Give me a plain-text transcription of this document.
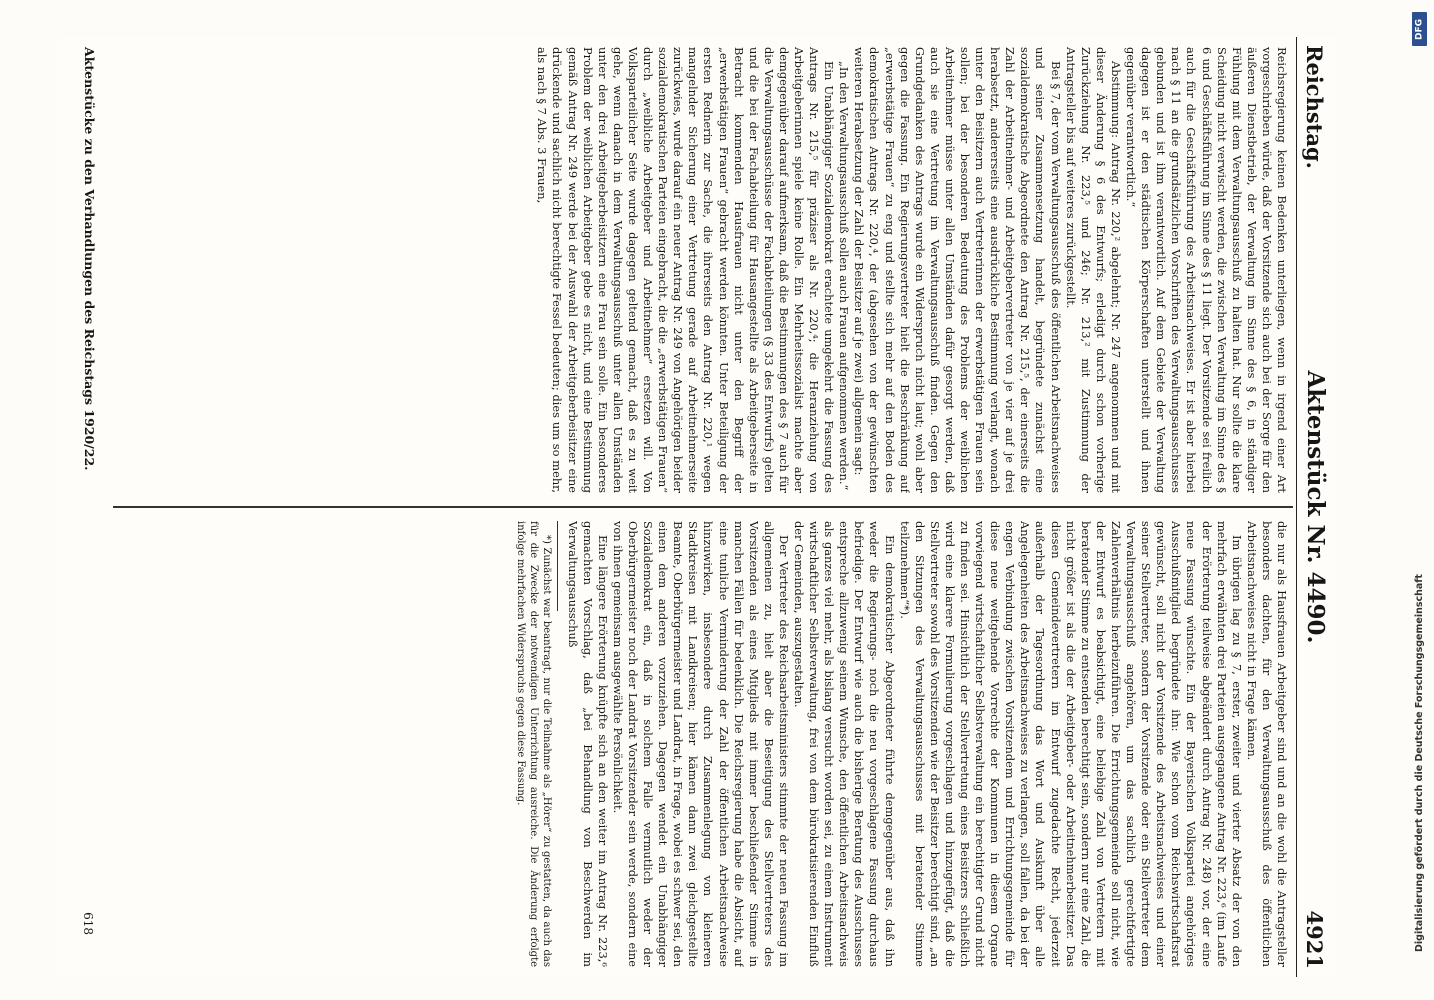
Reichstag.
Aktenstück Nr. 4490.
4921

Reichsregierung keinen Bedenken unterliegen, wenn in irgend einer Art vorgeschrieben würde, daß der Vorsitzende sich auch bei der Sorge für den äußeren Dienstbetrieb, der Verwaltung im Sinne des § 6, in ständiger Fühlung mit dem Verwaltungsausschuß zu halten hat. Nur sollte die klare Scheidung nicht verwischt werden, die zwischen Verwaltung im Sinne des § 6 und Geschäftsführung im Sinne des § 11 liegt. Der Vorsitzende sei freilich auch für die Geschäftsführung des Arbeitsnachweises. Er ist aber hierbei nach § 11 an die grundsätzlichen Vorschriften des Verwaltungsausschusses gebunden und ist ihm verantwortlich. Auf dem Gebiete der Verwaltung dagegen ist er den städtischen Körperschaften unterstellt und ihnen gegenüber verantwortlich.“

Abstimmung: Antrag Nr. 220,² abgelehnt; Nr. 247 angenommen und mit dieser Änderung § 6 des Entwurfs; erledigt durch schon vorherige Zurückziehung Nr. 223,⁵ und 246; Nr. 213,² mit Zustimmung der Antragsteller bis auf weiteres zurückgestellt.

Bei § 7, der vom Verwaltungsausschuß des öffentlichen Arbeitsnachweises und seiner Zusammensetzung handelt, begründete zunächst eine sozialdemokratische Abgeordnete den Antrag Nr. 215,⁵, der einerseits die Zahl der Arbeitnehmer- und Arbeitgebervertreter von je vier auf je drei herabsetzt, andererseits eine ausdrückliche Bestimmung verlangt, wonach unter den Beisitzern auch Vertreterinnen der erwerbstätigen Frauen sein sollen; bei der besonderen Bedeutung des Problems der weiblichen Arbeitnehmer müsse unter allen Umständen dafür gesorgt werden, daß auch sie eine Vertretung im Verwaltungsausschuß finden. Gegen den Grundgedanken des Antrags wurde ein Widerspruch nicht laut; wohl aber gegen die Fassung. Ein Regierungsvertreter hielt die Beschränkung auf „erwerbstätige Frauen“ zu eng und stellte sich mehr auf den Boden des demokratischen Antrags Nr. 220,⁴, der (abgesehen von der gewünschten weiteren Herabsetzung der Zahl der Beisitzer auf je zwei) allgemein sagt:

„In den Verwaltungsausschuß sollen auch Frauen aufgenommen werden.“

Ein Unabhängiger Sozialdemokrat erachtete umgekehrt die Fassung des Antrags Nr. 215,⁵ für präziser als Nr. 220,⁴; die Heranziehung von Arbeitgeberinnen spiele keine Rolle. Ein Mehrheitssozialist machte aber demgegenüber darauf aufmerksam, daß die Bestimmungen des § 7 auch für die Verwaltungsausschüsse der Fachabteilungen (§ 33 des Entwurfs) gelten und die bei der Fachabteilung für Hausangestellte als Arbeitgeberseite in Betracht kommenden Hausfrauen nicht unter den Begriff der „erwerbstätigen Frauen“ gebracht werden könnten. Unter Beteiligung der ersten Rednerin zur Sache, die ihrerseits den Antrag Nr. 220,¹ wegen mangelnder Sicherung einer Vertretung gerade auf Arbeitnehmerseite zurückwies, wurde darauf ein neuer Antrag Nr. 249 von Angehörigen beider sozialdemokratischen Parteien eingebracht, die die „erwerbstätigen Frauen“ durch „weibliche Arbeitgeber und Arbeitnehmer“ ersetzen will. Von Volksparteilicher Seite wurde dagegen geltend gemacht, daß es zu weit gehe, wenn danach in dem Verwaltungsausschuß unter allen Umständen unter den drei Arbeitgeberbeisitzern eine Frau sein solle. Ein besonderes Problem der weiblichen Arbeitgeber gebe es nicht, und eine Bestimmung gemäß Antrag Nr. 249 werde bei der Auswahl der Arbeitgeberbeisitzer eine drückende und sachlich nicht berechtigte Fessel bedeuten; dies um so mehr, als nach § 7 Abs. 3 Frauen,

die nur als Hausfrauen Arbeitgeber sind und an die wohl die Antragsteller besonders dachten, für den Verwaltungsausschuß des öffentlichen Arbeitsnachweises nicht in Frage kämen.

Im übrigen lag zu § 7, erster, zweiter und vierter Absatz der von den mehrfach erwähnten drei Parteien ausgegangene Antrag Nr. 223,⁶ (im Laufe der Erörterung teilweise abgeändert durch Antrag Nr. 248) vor, der eine neue Fassung wünschte. Ein der Bayerischen Volkspartei angehöriges Ausschußmitglied begründete ihn: Wie schon vom Reichswirtschaftsrat gewünscht, soll nicht der Vorsitzende des Arbeitsnachweises und einer seiner Stellvertreter, sondern der Vorsitzende oder ein Stellvertreter dem Verwaltungsausschuß angehören, um das sachlich gerechtfertigte Zahlenverhältnis herbeizuführen. Die Errichtungsgemeinde soll nicht, wie der Entwurf es beabsichtigt, eine beliebige Zahl von Vertretern mit beratender Stimme zu entsenden berechtigt sein, sondern nur eine Zahl, die nicht größer ist als die der Arbeitgeber- oder Arbeitnehmerbeisitzer. Das diesen Gemeindevertretern im Entwurf zugedachte Recht, jederzeit außerhalb der Tagesordnung das Wort und Auskunft über alle Angelegenheiten des Arbeitsnachweises zu verlangen, soll fallen, da bei der engen Verbindung zwischen Vorsitzendem und Errichtungsgemeinde für diese neue weitgehende Vorrechte der Kommunen in diesem Organe vorwiegend wirtschaftlicher Selbstverwaltung ein berechtigter Grund nicht zu finden sei. Hinsichtlich der Stellvertretung eines Beisitzers schließlich wird eine klarere Formulierung vorgeschlagen und hinzugefügt, daß die Stellvertreter sowohl des Vorsitzenden wie der Beisitzer berechtigt sind, „an den Sitzungen des Verwaltungsausschusses mit beratender Stimme teilzunehmen“*).

Ein demokratischer Abgeordneter führte demgegenüber aus, daß ihn weder die Regierungs- noch die neu vorgeschlagene Fassung durchaus befriedige. Der Entwurf wie auch die bisherige Beratung des Ausschusses entspreche allzuwenig seinem Wunsche, den öffentlichen Arbeitsnachweis als ganzes viel mehr, als bislang versucht worden sei, zu einem Instrument wirtschaftlicher Selbstverwaltung, frei von dem bürokratisierenden Einfluß der Gemeinden, auszugestalten.

Der Vertreter des Reichsarbeitsministers stimmte der neuen Fassung im allgemeinen zu, hielt aber die Beseitigung des Stellvertreters des Vorsitzenden als eines Mitglieds mit immer beschließender Stimme in manchen Fällen für bedenklich. Die Reichsregierung habe die Absicht, auf eine tunliche Verminderung der Zahl der öffentlichen Arbeitsnachweise hinzuwirken, insbesondere durch Zusammenlegung von kleineren Stadtkreisen mit Landkreisen; hier kämen dann zwei gleichgestellte Beamte, Oberbürgermeister und Landrat, in Frage, wobei es schwer sei, den einen dem anderen vorzuziehen. Dagegen wendet ein Unabhängiger Sozialdemokrat ein, daß in solchem Falle vermutlich weder der Oberbürgermeister noch der Landrat Vorsitzender sein werde, sondern eine von ihnen gemeinsam ausgewählte Persönlichkeit.

Eine längere Erörterung knüpfte sich an den weiter im Antrag Nr. 223,⁶ gemachten Vorschlag, daß „bei Behandlung von Beschwerden im Verwaltungsausschuß

*) Zunächst war beantragt, nur die Teilnahme als „Hörer“ zu gestatten, da auch das für die Zwecke der notwendigen Unterrichtung ausreiche. Die Änderung erfolgte infolge mehrfachen Widerspruchs gegen diese Fassung.

Aktenstücke zu den Verhandlungen des Reichstags 1920/22.
618
DFG
Digitalisierung gefördert durch die Deutsche Forschungsgemeinschaft
